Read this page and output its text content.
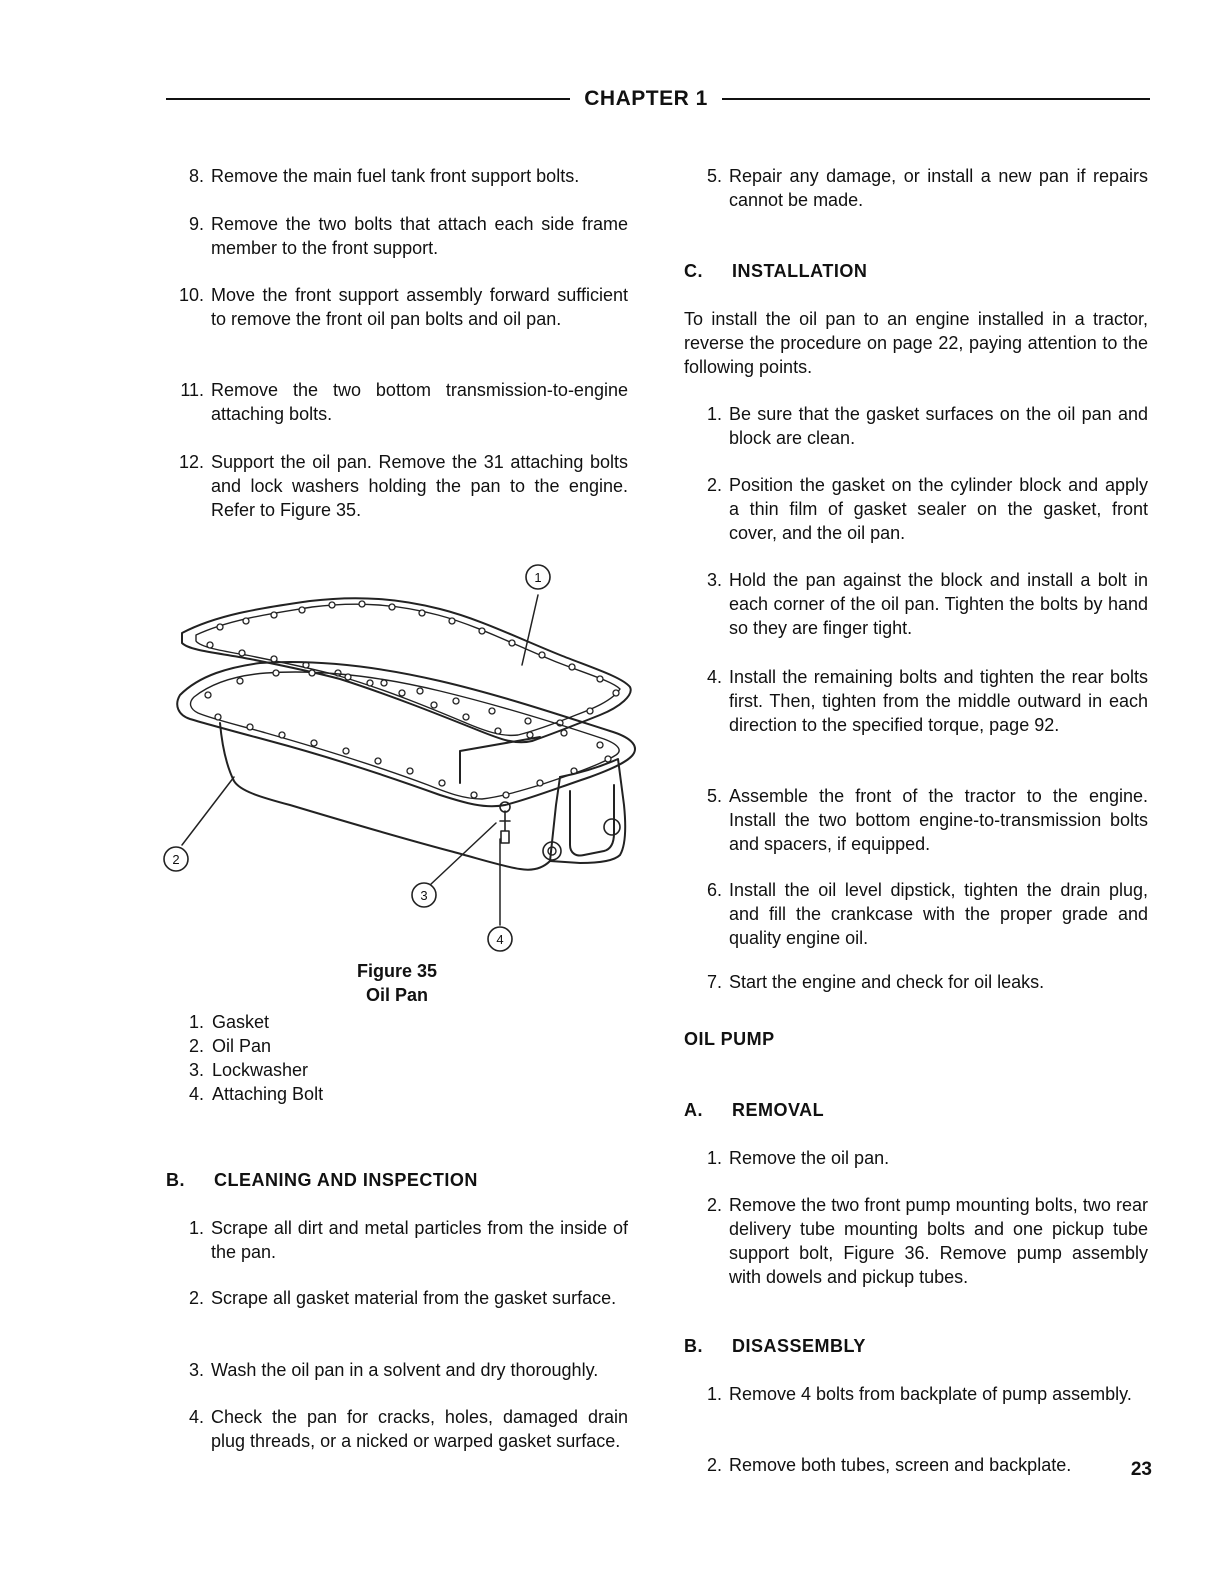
CHAPTER 1
8. Remove the main fuel tank front support bolts.
9. Remove the two bolts that attach each side frame member to the front support.
10. Move the front support assembly forward sufficient to remove the front oil pan bolts and oil pan.
11. Remove the two bottom transmission-to-engine attaching bolts.
12. Support the oil pan. Remove the 31 attaching bolts and lock washers holding the pan to the engine. Refer to Figure 35.
1
2
3
4
Figure 35
Oil Pan
1. Gasket
2. Oil Pan
3. Lockwasher
4. Attaching Bolt
B. CLEANING AND INSPECTION
1. Scrape all dirt and metal particles from the inside of the pan.
2. Scrape all gasket material from the gasket surface.
3. Wash the oil pan in a solvent and dry thoroughly.
4. Check the pan for cracks, holes, damaged drain plug threads, or a nicked or warped gasket surface.
5. Repair any damage, or install a new pan if repairs cannot be made.
C. INSTALLATION
To install the oil pan to an engine installed in a tractor, reverse the procedure on page 22, paying attention to the following points.
1. Be sure that the gasket surfaces on the oil pan and block are clean.
2. Position the gasket on the cylinder block and apply a thin film of gasket sealer on the gasket, front cover, and the oil pan.
3. Hold the pan against the block and install a bolt in each corner of the oil pan. Tighten the bolts by hand so they are finger tight.
4. Install the remaining bolts and tighten the rear bolts first. Then, tighten from the middle outward in each direction to the specified torque, page 92.
5. Assemble the front of the tractor to the engine. Install the two bottom engine-to-transmission bolts and spacers, if equipped.
6. Install the oil level dipstick, tighten the drain plug, and fill the crankcase with the proper grade and quality engine oil.
7. Start the engine and check for oil leaks.
OIL PUMP
A. REMOVAL
1. Remove the oil pan.
2. Remove the two front pump mounting bolts, two rear delivery tube mounting bolts and one pickup tube support bolt, Figure 36. Remove pump assembly with dowels and pickup tubes.
B. DISASSEMBLY
1. Remove 4 bolts from backplate of pump assembly.
2. Remove both tubes, screen and backplate.	23
